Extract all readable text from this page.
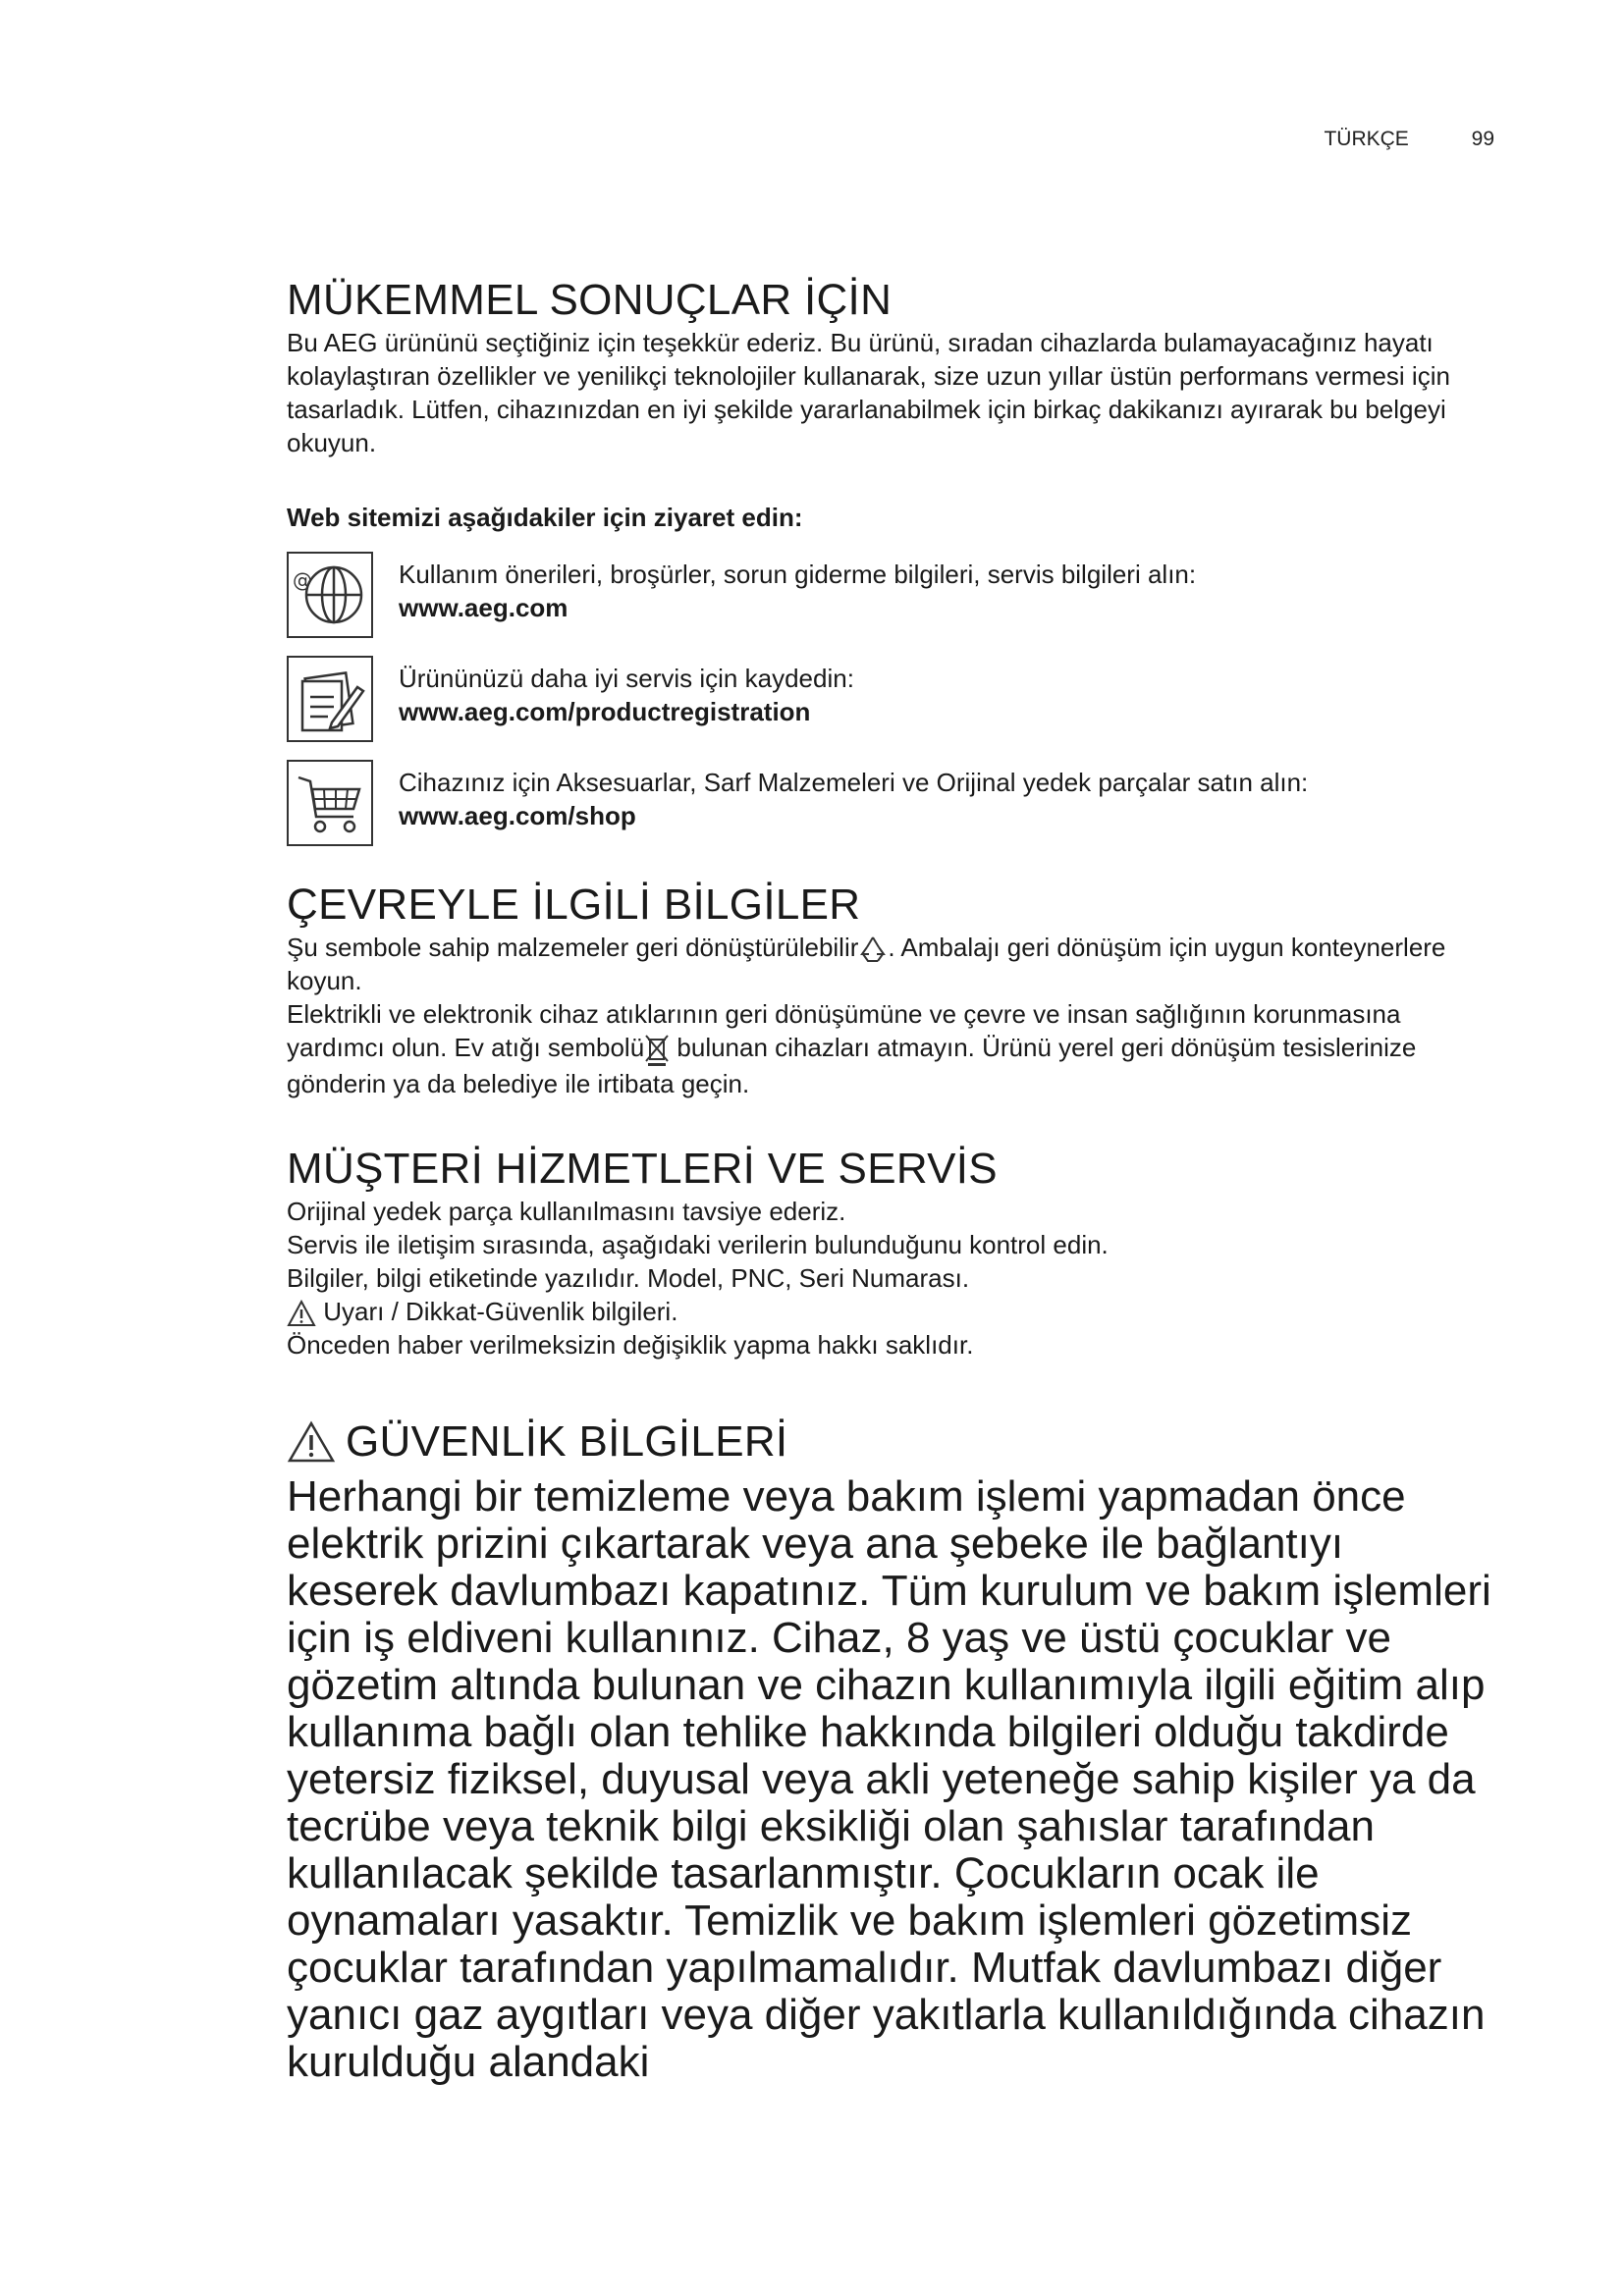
TÜRKÇE	99
MÜKEMMEL SONUÇLAR İÇİN

Bu AEG ürününü seçtiğiniz için teşekkür ederiz. Bu ürünü, sıradan cihazlarda bulamayacağınız hayatı kolaylaştıran özellikler ve yenilikçi teknolojiler kullanarak, size uzun yıllar üstün performans vermesi için tasarladık. Lütfen, cihazınızdan en iyi şekilde yararlanabilmek için birkaç dakikanızı ayırarak bu belgeyi okuyun.

Web sitemizi aşağıdakiler için ziyaret edin:

@	Kullanım önerileri, broşürler, sorun giderme bilgileri, servis bilgileri alın:

www.aeg.com

Ürününüzü daha iyi servis için kaydedin:

www.aeg.com/productregistration

Cihazınız için Aksesuarlar, Sarf Malzemeleri ve Orijinal yedek parçalar satın alın:

www.aeg.com/shop

ÇEVREYLE İLGİLİ BİLGİLER

Şu sembole sahip malzemeler geri dönüştürülebilir . Ambalajı geri dönüşüm için uygun konteynerlere koyun.

Elektrikli ve elektronik cihaz atıklarının geri dönüşümüne ve çevre ve insan sağlığının korunmasına yardımcı olun. Ev atığı sembolü bulunan cihazları atmayın. Ürünü yerel geri dönüşüm tesislerinize gönderin ya da belediye ile irtibata geçin.

MÜŞTERİ HİZMETLERİ VE SERVİS

Orijinal yedek parça kullanılmasını tavsiye ederiz.

Servis ile iletişim sırasında, aşağıdaki verilerin bulunduğunu kontrol edin.

Bilgiler, bilgi etiketinde yazılıdır. Model, PNC, Seri Numarası.

Uyarı / Dikkat-Güvenlik bilgileri.

Önceden haber verilmeksizin değişiklik yapma hakkı saklıdır.

GÜVENLİK BİLGİLERİ

Herhangi bir temizleme veya bakım işlemi yapmadan önce elektrik prizini çıkartarak veya ana şebeke ile bağlantıyı keserek davlumbazı kapatınız. Tüm kurulum ve bakım işlemleri için iş eldiveni kullanınız. Cihaz, 8 yaş ve üstü çocuklar ve gözetim altında bulunan ve cihazın kullanımıyla ilgili eğitim alıp kullanıma bağlı olan tehlike hakkında bilgileri olduğu takdirde yetersiz fiziksel, duyusal veya akli yeteneğe sahip kişiler ya da tecrübe veya teknik bilgi eksikliği olan şahıslar tarafından kullanılacak şekilde tasarlanmıştır. Çocukların ocak ile oynamaları yasaktır. Temizlik ve bakım işlemleri gözetimsiz çocuklar tarafından yapılmamalıdır. Mutfak davlumbazı diğer yanıcı gaz aygıtları veya diğer yakıtlarla kullanıldığında cihazın kurulduğu alandaki
